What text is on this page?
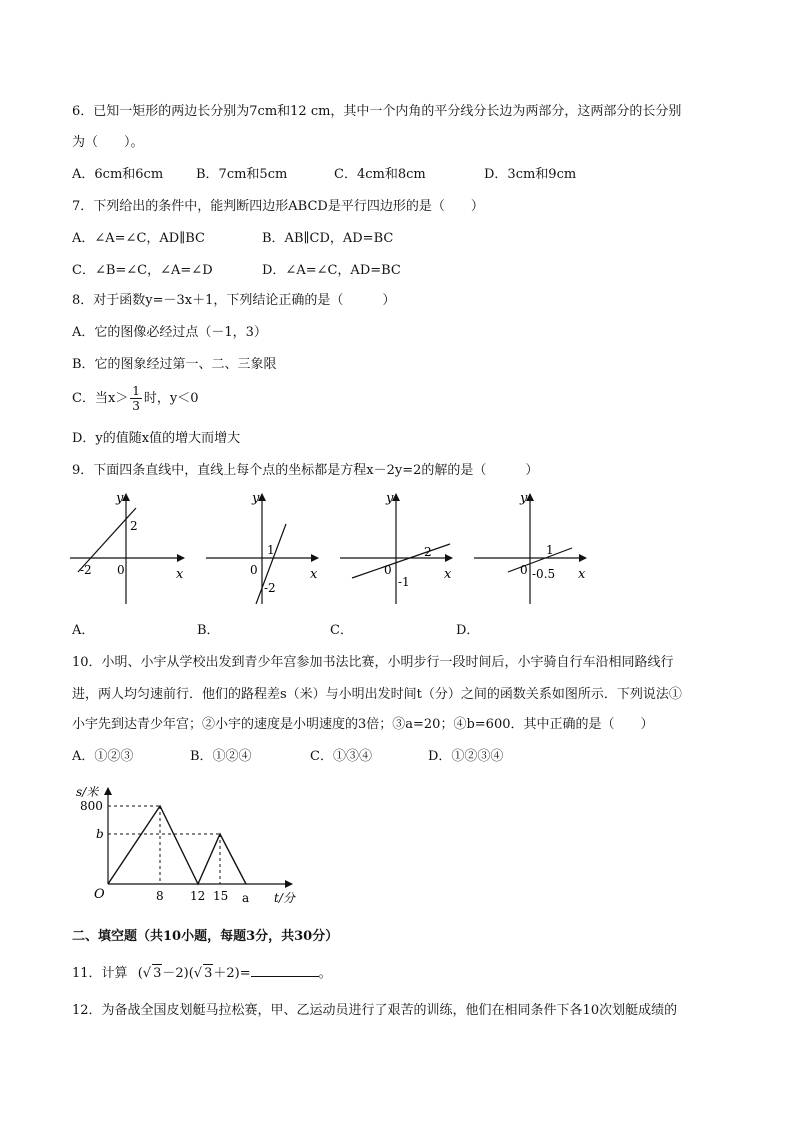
6．已知一矩形的两边长分别为7cm和12 cm，其中一个内角的平分线分长边为两部分，这两部分的长分别
为（　　）。
A．6cm和6cm	B．7cm和5cm	C．4cm和8cm	D．3cm和9cm
7．下列给出的条件中，能判断四边形ABCD是平行四边形的是（　　）
A．∠A=∠C，AD∥BC	B．AB∥CD，AD=BC
C．∠B=∠C，∠A=∠D	D．∠A=∠C，AD=BC
8．对于函数y=－3x＋1，下列结论正确的是（　　　）
A．它的图像必经过点（－1，3）
B．它的图象经过第一、二、三象限
C．当$x> \frac{1}{3}$ 时，y＜0
D．y的值随x值的增大而增大
9．下面四条直线中，直线上每个点的坐标都是方程x－2y=2的解的是（　　　）
y
x
0
-2
2
y
x
0
1
-2
y
x
0
2
-1
y
x
0
1
-0.5
A．	B．	C．	D．
10．小明、小宇从学校出发到青少年宫参加书法比赛，小明步行一段时间后，小宇骑自行车沿相同路线行
进，两人均匀速前行．他们的路程差s（米）与小明出发时间t（分）之间的函数关系如图所示．下列说法①
小宇先到达青少年宫；②小宇的速度是小明速度的3倍；③a=20；④b=600．其中正确的是（　　）
A．①②③	B．①②④	C．①③④	D．①②③④
s/米
t/分
O
800
b
8 12 15 a
二、填空题（共10小题，每题3分，共30分）
11．计算 (√ 3－2)(√ 3＋2)=	。
12．为备战全国皮划艇马拉松赛，甲、乙运动员进行了艰苦的训练，他们在相同条件下各10次划艇成绩的
